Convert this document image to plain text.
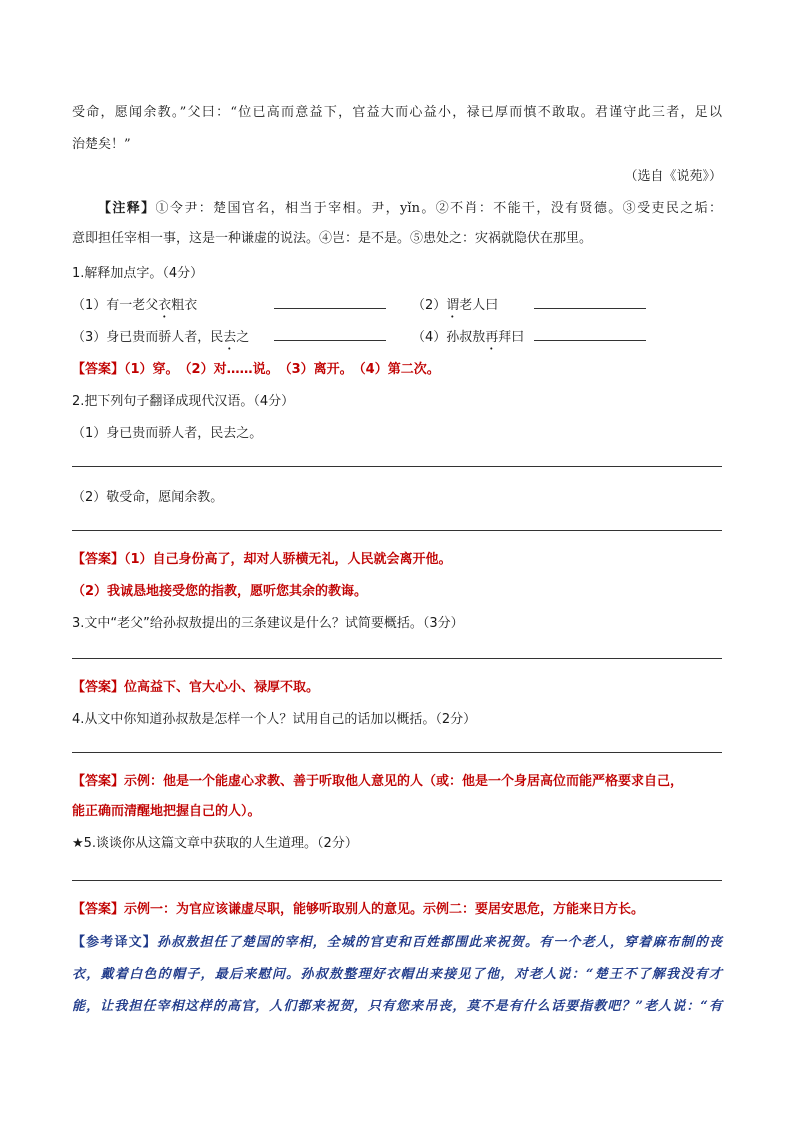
受命，愿闻余教。”父曰：“位已高而意益下，官益大而心益小，禄已厚而慎不敢取。君谨守此三者，足以
治楚矣！”
（选自《说苑》）
【注释】①令尹：楚国官名，相当于宰相。尹，yǐn。②不肖：不能干，没有贤德。③受吏民之垢：
意即担任宰相一事，这是一种谦虚的说法。④岂：是不是。⑤患处之：灾祸就隐伏在那里。
1.解释加点字。（4分）
（1）有一老父衣粗衣	（2）谓老人曰
（3）身已贵而骄人者，民去之	（4）孙叔敖再拜曰
【答案】（1）穿。　（2）对……说。　（3）离开。　（4）第二次。
2.把下列句子翻译成现代汉语。（4分）
（1）身已贵而骄人者，民去之。
（2）敬受命，愿闻余教。
【答案】（1）自己身份高了，却对人骄横无礼，人民就会离开他。
（2）我诚恳地接受您的指教，愿听您其余的教诲。
3.文中“老父”给孙叔敖提出的三条建议是什么？试简要概括。（3分）
【答案】位高益下、官大心小、禄厚不取。
4.从文中你知道孙叔敖是怎样一个人？试用自己的话加以概括。（2分）
【答案】示例：他是一个能虚心求教、善于听取他人意见的人（或：他是一个身居高位而能严格要求自己，
能正确而清醒地把握自己的人）。
★5.谈谈你从这篇文章中获取的人生道理。（2分）
【答案】示例一：为官应该谦虚尽职，能够听取别人的意见。示例二：要居安思危，方能来日方长。
【参考译文】孙叔敖担任了楚国的宰相，全城的官吏和百姓都围此来祝贺。有一个老人，穿着麻布制的丧
衣，戴着白色的帽子，最后来慰问。孙叔敖整理好衣帽出来接见了他，对老人说：“楚王不了解我没有才
能，让我担任宰相这样的高官，人们都来祝贺，只有您来吊丧，莫不是有什么话要指教吧？”老人说：“有
